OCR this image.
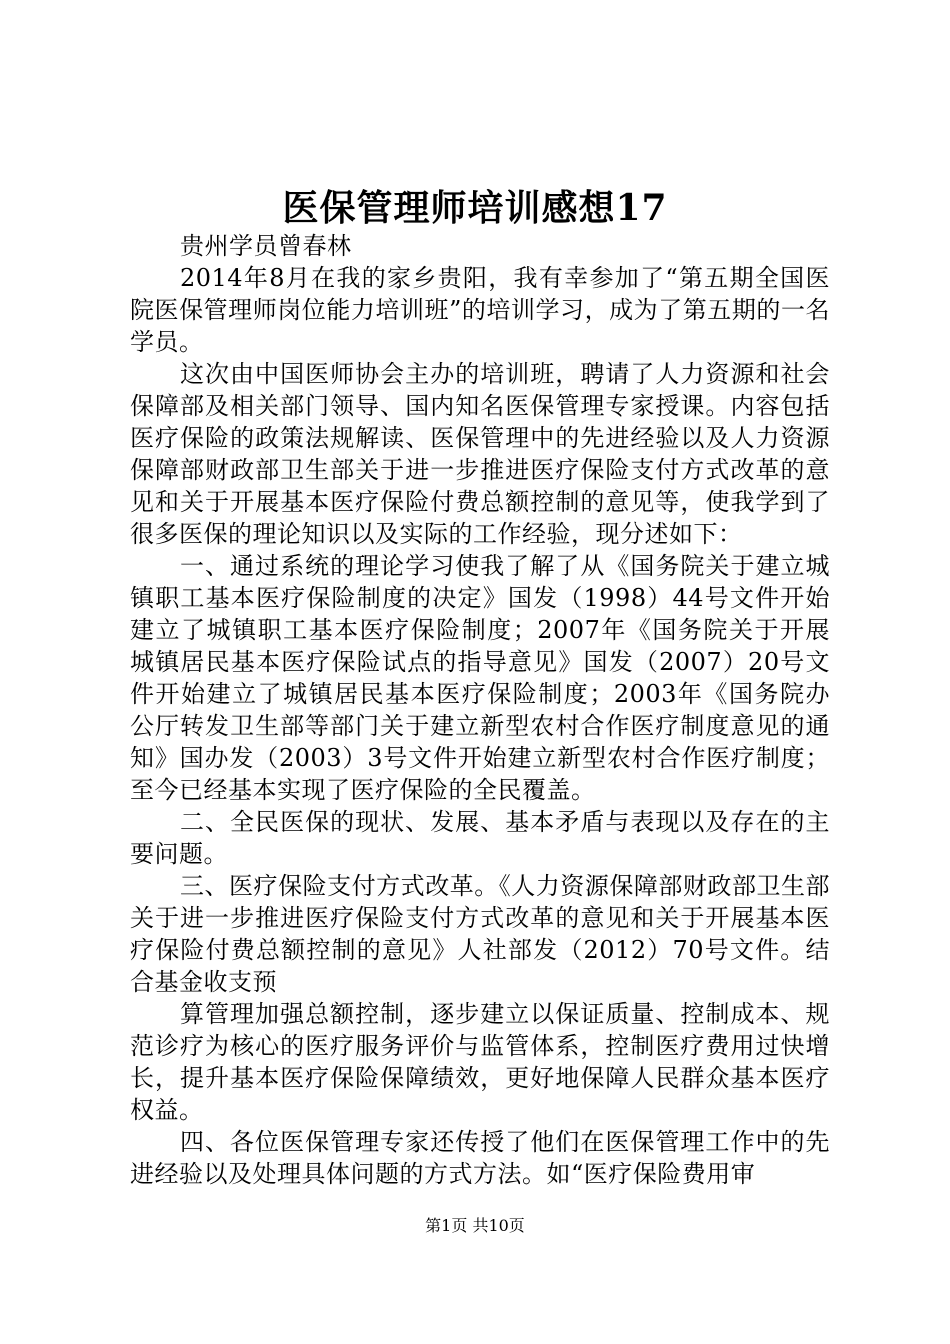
医保管理师培训感想17

贵州学员曾春林

2014年8月在我的家乡贵阳，我有幸参加了“第五期全国医院医保管理师岗位能力培训班”的培训学习，成为了第五期的一名学员。

这次由中国医师协会主办的培训班，聘请了人力资源和社会保障部及相关部门领导、国内知名医保管理专家授课。内容包括医疗保险的政策法规解读、医保管理中的先进经验以及人力资源保障部财政部卫生部关于进一步推进医疗保险支付方式改革的意见和关于开展基本医疗保险付费总额控制的意见等，使我学到了很多医保的理论知识以及实际的工作经验，现分述如下：

一、通过系统的理论学习使我了解了从《国务院关于建立城镇职工基本医疗保险制度的决定》国发（1998）44号文件开始建立了城镇职工基本医疗保险制度；2007年《国务院关于开展城镇居民基本医疗保险试点的指导意见》国发（2007）20号文件开始建立了城镇居民基本医疗保险制度；2003年《国务院办公厅转发卫生部等部门关于建立新型农村合作医疗制度意见的通知》国办发（2003）3号文件开始建立新型农村合作医疗制度；至今已经基本实现了医疗保险的全民覆盖。

二、全民医保的现状、发展、基本矛盾与表现以及存在的主要问题。

三、医疗保险支付方式改革。《人力资源保障部财政部卫生部关于进一步推进医疗保险支付方式改革的意见和关于开展基本医疗保险付费总额控制的意见》人社部发（2012）70号文件。结合基金收支预

算管理加强总额控制，逐步建立以保证质量、控制成本、规范诊疗为核心的医疗服务评价与监管体系，控制医疗费用过快增长，提升基本医疗保险保障绩效，更好地保障人民群众基本医疗权益。

四、各位医保管理专家还传授了他们在医保管理工作中的先进经验以及处理具体问题的方式方法。如“医疗保险费用审

第1页 共10页
